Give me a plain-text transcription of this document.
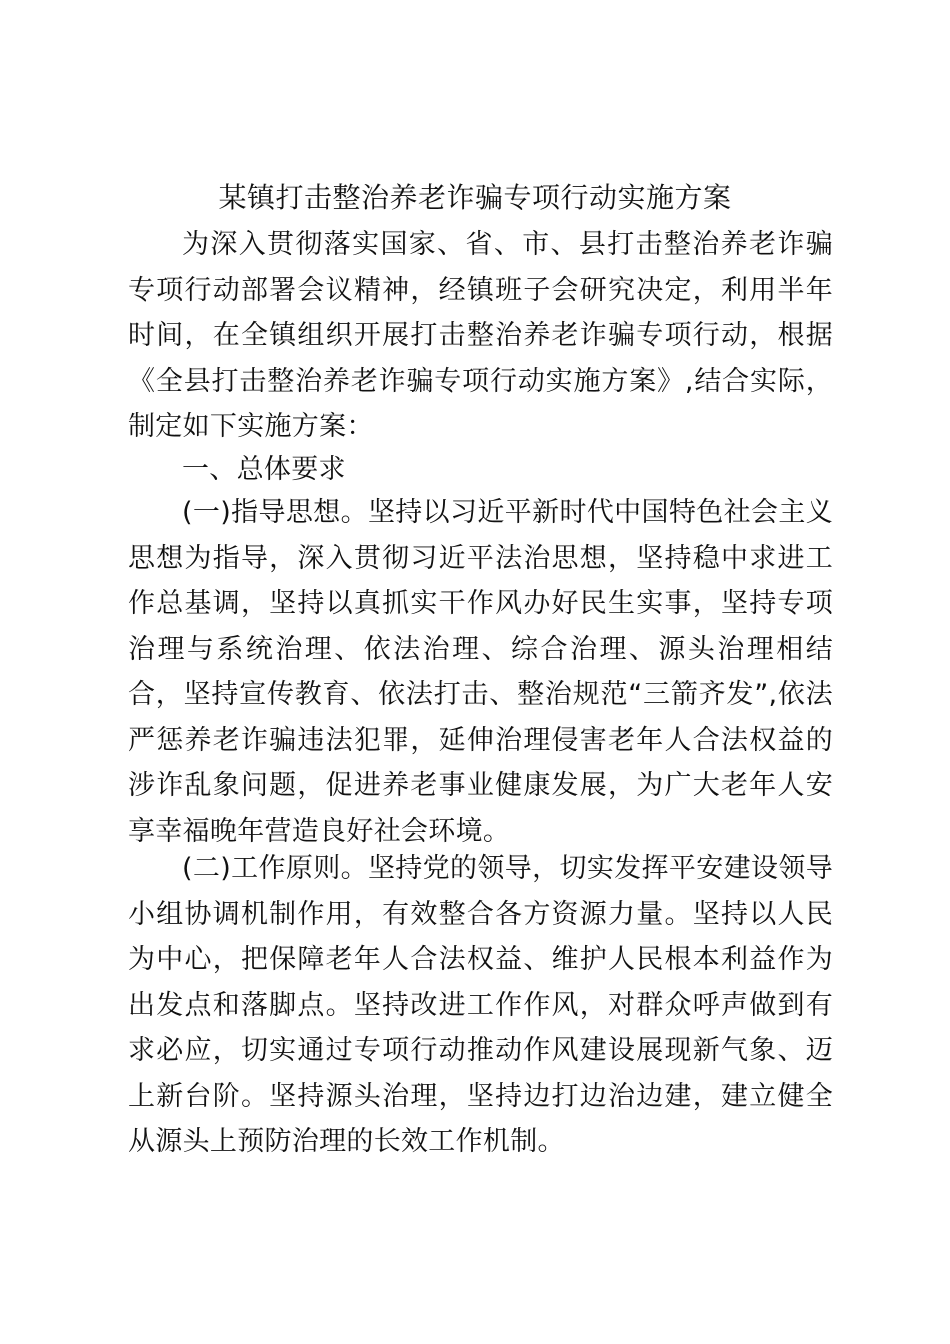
某镇打击整治养老诈骗专项行动实施方案

为深入贯彻落实国家、省、市、县打击整治养老诈骗专项行动部署会议精神，经镇班子会研究决定，利用半年时间，在全镇组织开展打击整治养老诈骗专项行动，根据《全县打击整治养老诈骗专项行动实施方案》,结合实际，制定如下实施方案：

一、总体要求

(一)指导思想。坚持以习近平新时代中国特色社会主义思想为指导，深入贯彻习近平法治思想，坚持稳中求进工作总基调，坚持以真抓实干作风办好民生实事，坚持专项治理与系统治理、依法治理、综合治理、源头治理相结合，坚持宣传教育、依法打击、整治规范“三箭齐发”,依法严惩养老诈骗违法犯罪，延伸治理侵害老年人合法权益的涉诈乱象问题，促进养老事业健康发展，为广大老年人安享幸福晚年营造良好社会环境。

(二)工作原则。坚持党的领导，切实发挥平安建设领导小组协调机制作用，有效整合各方资源力量。坚持以人民为中心，把保障老年人合法权益、维护人民根本利益作为出发点和落脚点。坚持改进工作作风，对群众呼声做到有求必应，切实通过专项行动推动作风建设展现新气象、迈上新台阶。坚持源头治理，坚持边打边治边建，建立健全从源头上预防治理的长效工作机制。
